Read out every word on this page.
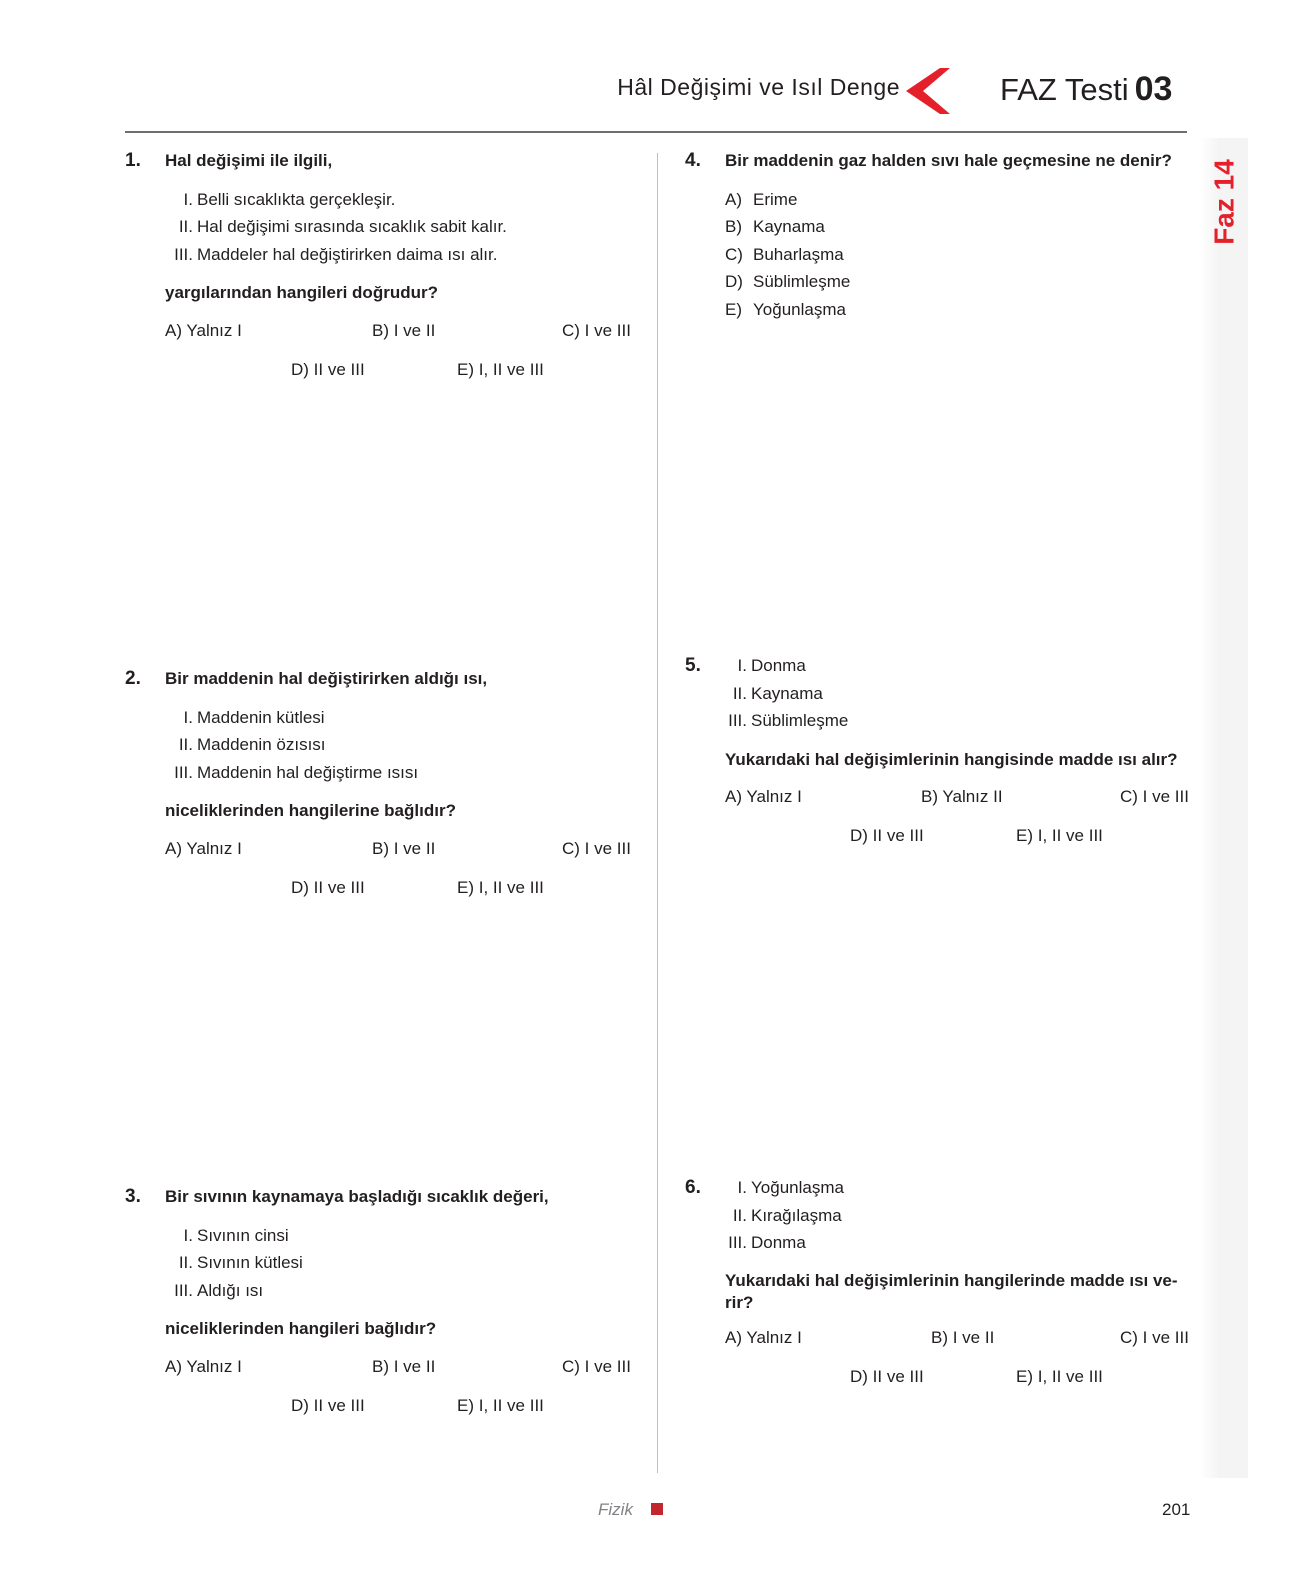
Hâl Değişimi ve Isıl Denge	FAZ Testi 03
Faz 14
1. Hal değişimi ile ilgili,
I. Belli sıcaklıkta gerçekleşir.
II. Hal değişimi sırasında sıcaklık sabit kalır.
III. Maddeler hal değiştirirken daima ısı alır.
yargılarından hangileri doğrudur?
A) Yalnız I	B) I ve II	C) I ve III
D) II ve III	E) I, II ve III
2. Bir maddenin hal değiştirirken aldığı ısı,
I. Maddenin kütlesi
II. Maddenin özısısı
III. Maddenin hal değiştirme ısısı
niceliklerinden hangilerine bağlıdır?
A) Yalnız I	B) I ve II	C) I ve III
D) II ve III	E) I, II ve III
3. Bir sıvının kaynamaya başladığı sıcaklık değeri,
I. Sıvının cinsi
II. Sıvının kütlesi
III. Aldığı ısı
niceliklerinden hangileri bağlıdır?
A) Yalnız I	B) I ve II	C) I ve III
D) II ve III	E) I, II ve III
4. Bir maddenin gaz halden sıvı hale geçmesine ne denir?
A) Erime
B) Kaynama
C) Buharlaşma
D) Süblimleşme
E) Yoğunlaşma
5.	I. Donma
II. Kaynama
III. Süblimleşme
Yukarıdaki hal değişimlerinin hangisinde madde ısı alır?
A) Yalnız I	B) Yalnız II	C) I ve III
D) II ve III	E) I, II ve III
6.	I. Yoğunlaşma
II. Kırağılaşma
III. Donma
Yukarıdaki hal değişimlerinin hangilerinde madde ısı ve-
rir?
A) Yalnız I	B) I ve II	C) I ve III
D) II ve III	E) I, II ve III
Fizik	201
